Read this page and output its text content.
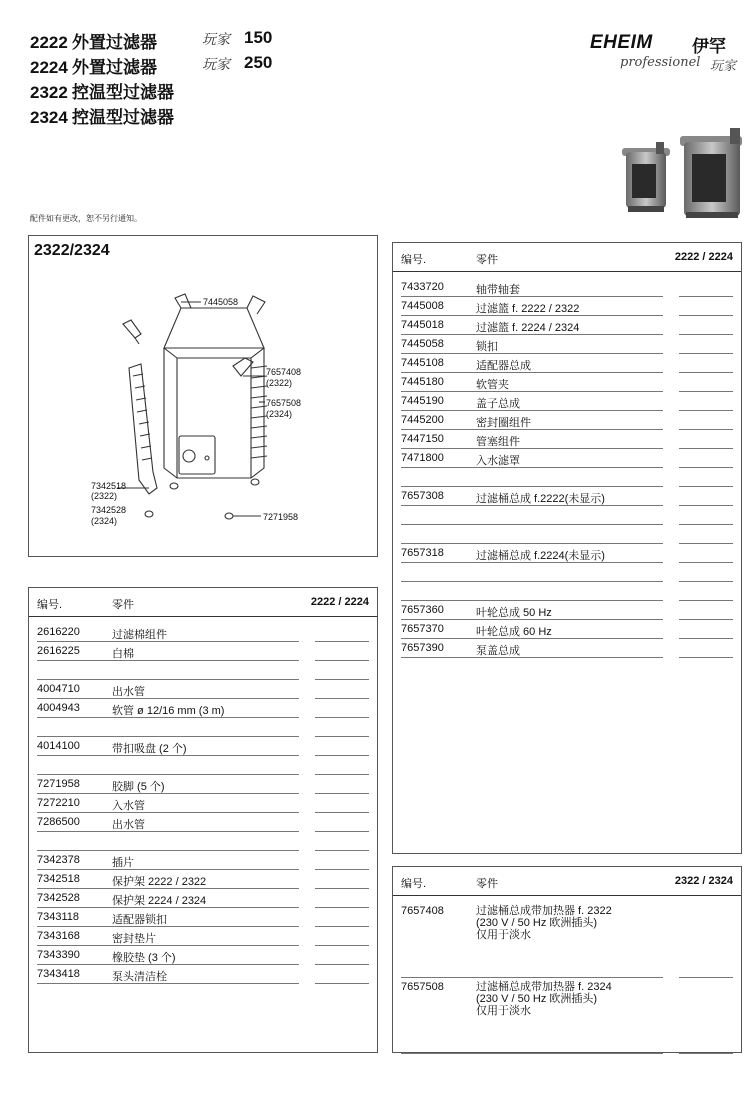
2222 外置过滤器	玩家 150
2224 外置过滤器	玩家 250
2322 控温型过滤器
2324 控温型过滤器
EHEIM 伊罕
professionel 玩家
配件如有更改，恕不另行通知。
2322/2324
7445058
7657408
(2322)
7657508
(2324)
7342518
(2322)
7342528
(2324)	7271958
编号.	零件	2222 / 2224
2616220	过滤棉组件
2616225	白棉
4004710	出水管
4004943	软管 ø 12/16 mm (3 m)
4014100	带扣吸盘 (2 个)
7271958	胶脚 (5 个)
7272210	入水管
7286500	出水管
7342378	插片
7342518	保护架 2222 / 2322
7342528	保护架 2224 / 2324
7343118	适配器锁扣
7343168	密封垫片
7343390	橡胶垫 (3 个)
7343418	泵头清洁栓
编号.	零件	2222 / 2224
7433720	轴带轴套
7445008	过滤篮 f. 2222 / 2322
7445018	过滤篮 f. 2224 / 2324
7445058	锁扣
7445108	适配器总成
7445180	软管夹
7445190	盖子总成
7445200	密封圈组件
7447150	管塞组件
7471800	入水滤罩
7657308	过滤桶总成 f.2222(未显示)
7657318	过滤桶总成 f.2224(未显示)
7657360	叶轮总成 50 Hz
7657370	叶轮总成 60 Hz
7657390	泵盖总成
编号.	零件	2322 / 2324
7657408	过滤桶总成带加热器 f. 2322
(230 V / 50 Hz 欧洲插头)
仅用于淡水
7657508	过滤桶总成带加热器 f. 2324
(230 V / 50 Hz 欧洲插头)
仅用于淡水
